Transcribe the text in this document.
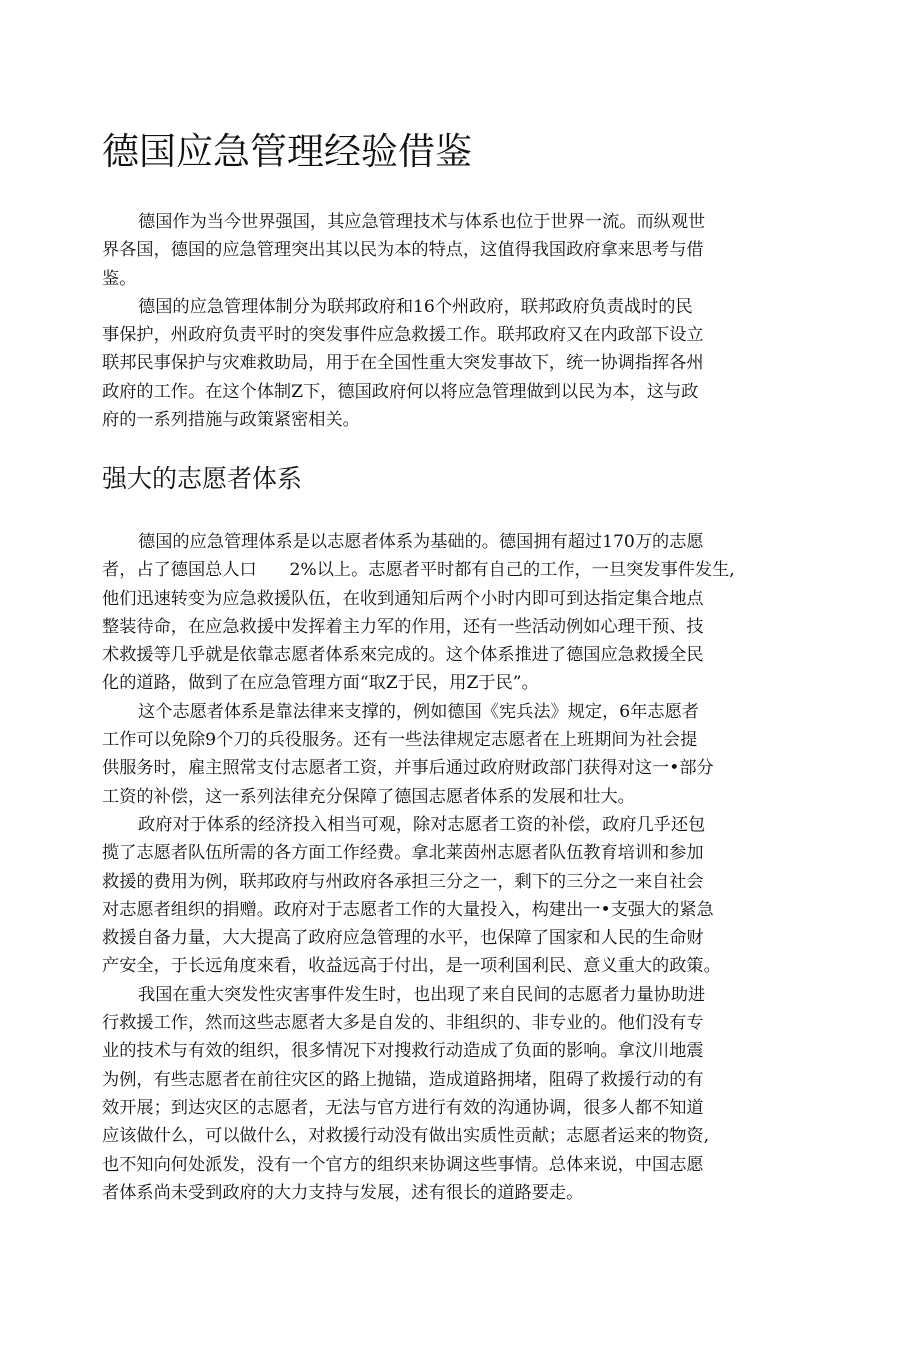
德国应急管理经验借鉴

德国作为当今世界强国，其应急管理技术与体系也位于世界一流。而纵观世
界各国，德国的应急管理突出其以民为本的特点，这值得我国政府拿来思考与借
鉴。

德国的应急管理体制分为联邦政府和16个州政府，联邦政府负责战时的民
事保护，州政府负责平时的突发事件应急救援工作。联邦政府又在内政部下设立
联邦民事保护与灾难救助局，用于在全国性重大突发事故下，统一协调指挥各州
政府的工作。在这个体制Z下，德国政府何以将应急管理做到以民为本，这与政
府的一系列措施与政策紧密相关。

强大的志愿者体系

德国的应急管理体系是以志愿者体系为基础的。德国拥有超过170万的志愿
者，占了德国总人口      2%以上。志愿者平时都有自己的工作，一旦突发事件发生,
他们迅速转变为应急救援队伍，在收到通知后两个小时内即可到达指定集合地点
整装待命，在应急救援中发挥着主力军的作用，还有一些活动例如心理干预、技
术救援等几乎就是依靠志愿者体系來完成的。这个体系推进了德国应急救援全民
化的道路，做到了在应急管理方面“取Z于民，用Z于民”。

这个志愿者体系是靠法律来支撑的，例如德国《宪兵法》规定，6年志愿者
工作可以免除9个刀的兵役服务。还有一些法律规定志愿者在上班期间为社会提
供服务时，雇主照常支付志愿者工资，并事后通过政府财政部门获得对这一•部分
工资的补偿，这一系列法律充分保障了德国志愿者体系的发展和壮大。

政府对于体系的经济投入相当可观，除对志愿者工资的补偿，政府几乎还包
揽了志愿者队伍所需的各方面工作经费。拿北莱茵州志愿者队伍教育培训和参加
救援的费用为例，联邦政府与州政府各承担三分之一，剩下的三分之一来自社会
对志愿者组织的捐赠。政府对于志愿者工作的大量投入，构建出一•支强大的紧急
救援自备力量，大大提高了政府应急管理的水平，也保障了国家和人民的生命财
产安全，于长远角度來看，收益远高于付出，是一项利国利民、意义重大的政策。

我国在重大突发性灾害事件发生时，也出现了来自民间的志愿者力量协助进
行救援工作，然而这些志愿者大多是自发的、非组织的、非专业的。他们没有专
业的技术与有效的组织，很多情况下对搜救行动造成了负面的影响。拿汶川地震
为例，有些志愿者在前往灾区的路上抛锚，造成道路拥堵，阻碍了救援行动的有
效开展；到达灾区的志愿者，无法与官方进行有效的沟通协调，很多人都不知道
应该做什么，可以做什么，对救援行动没有做出实质性贡献；志愿者运来的物资,
也不知向何处派发，没有一个官方的组织来协调这些事情。总体来说，中国志愿
者体系尚未受到政府的大力支持与发展，述有很长的道路要走。
